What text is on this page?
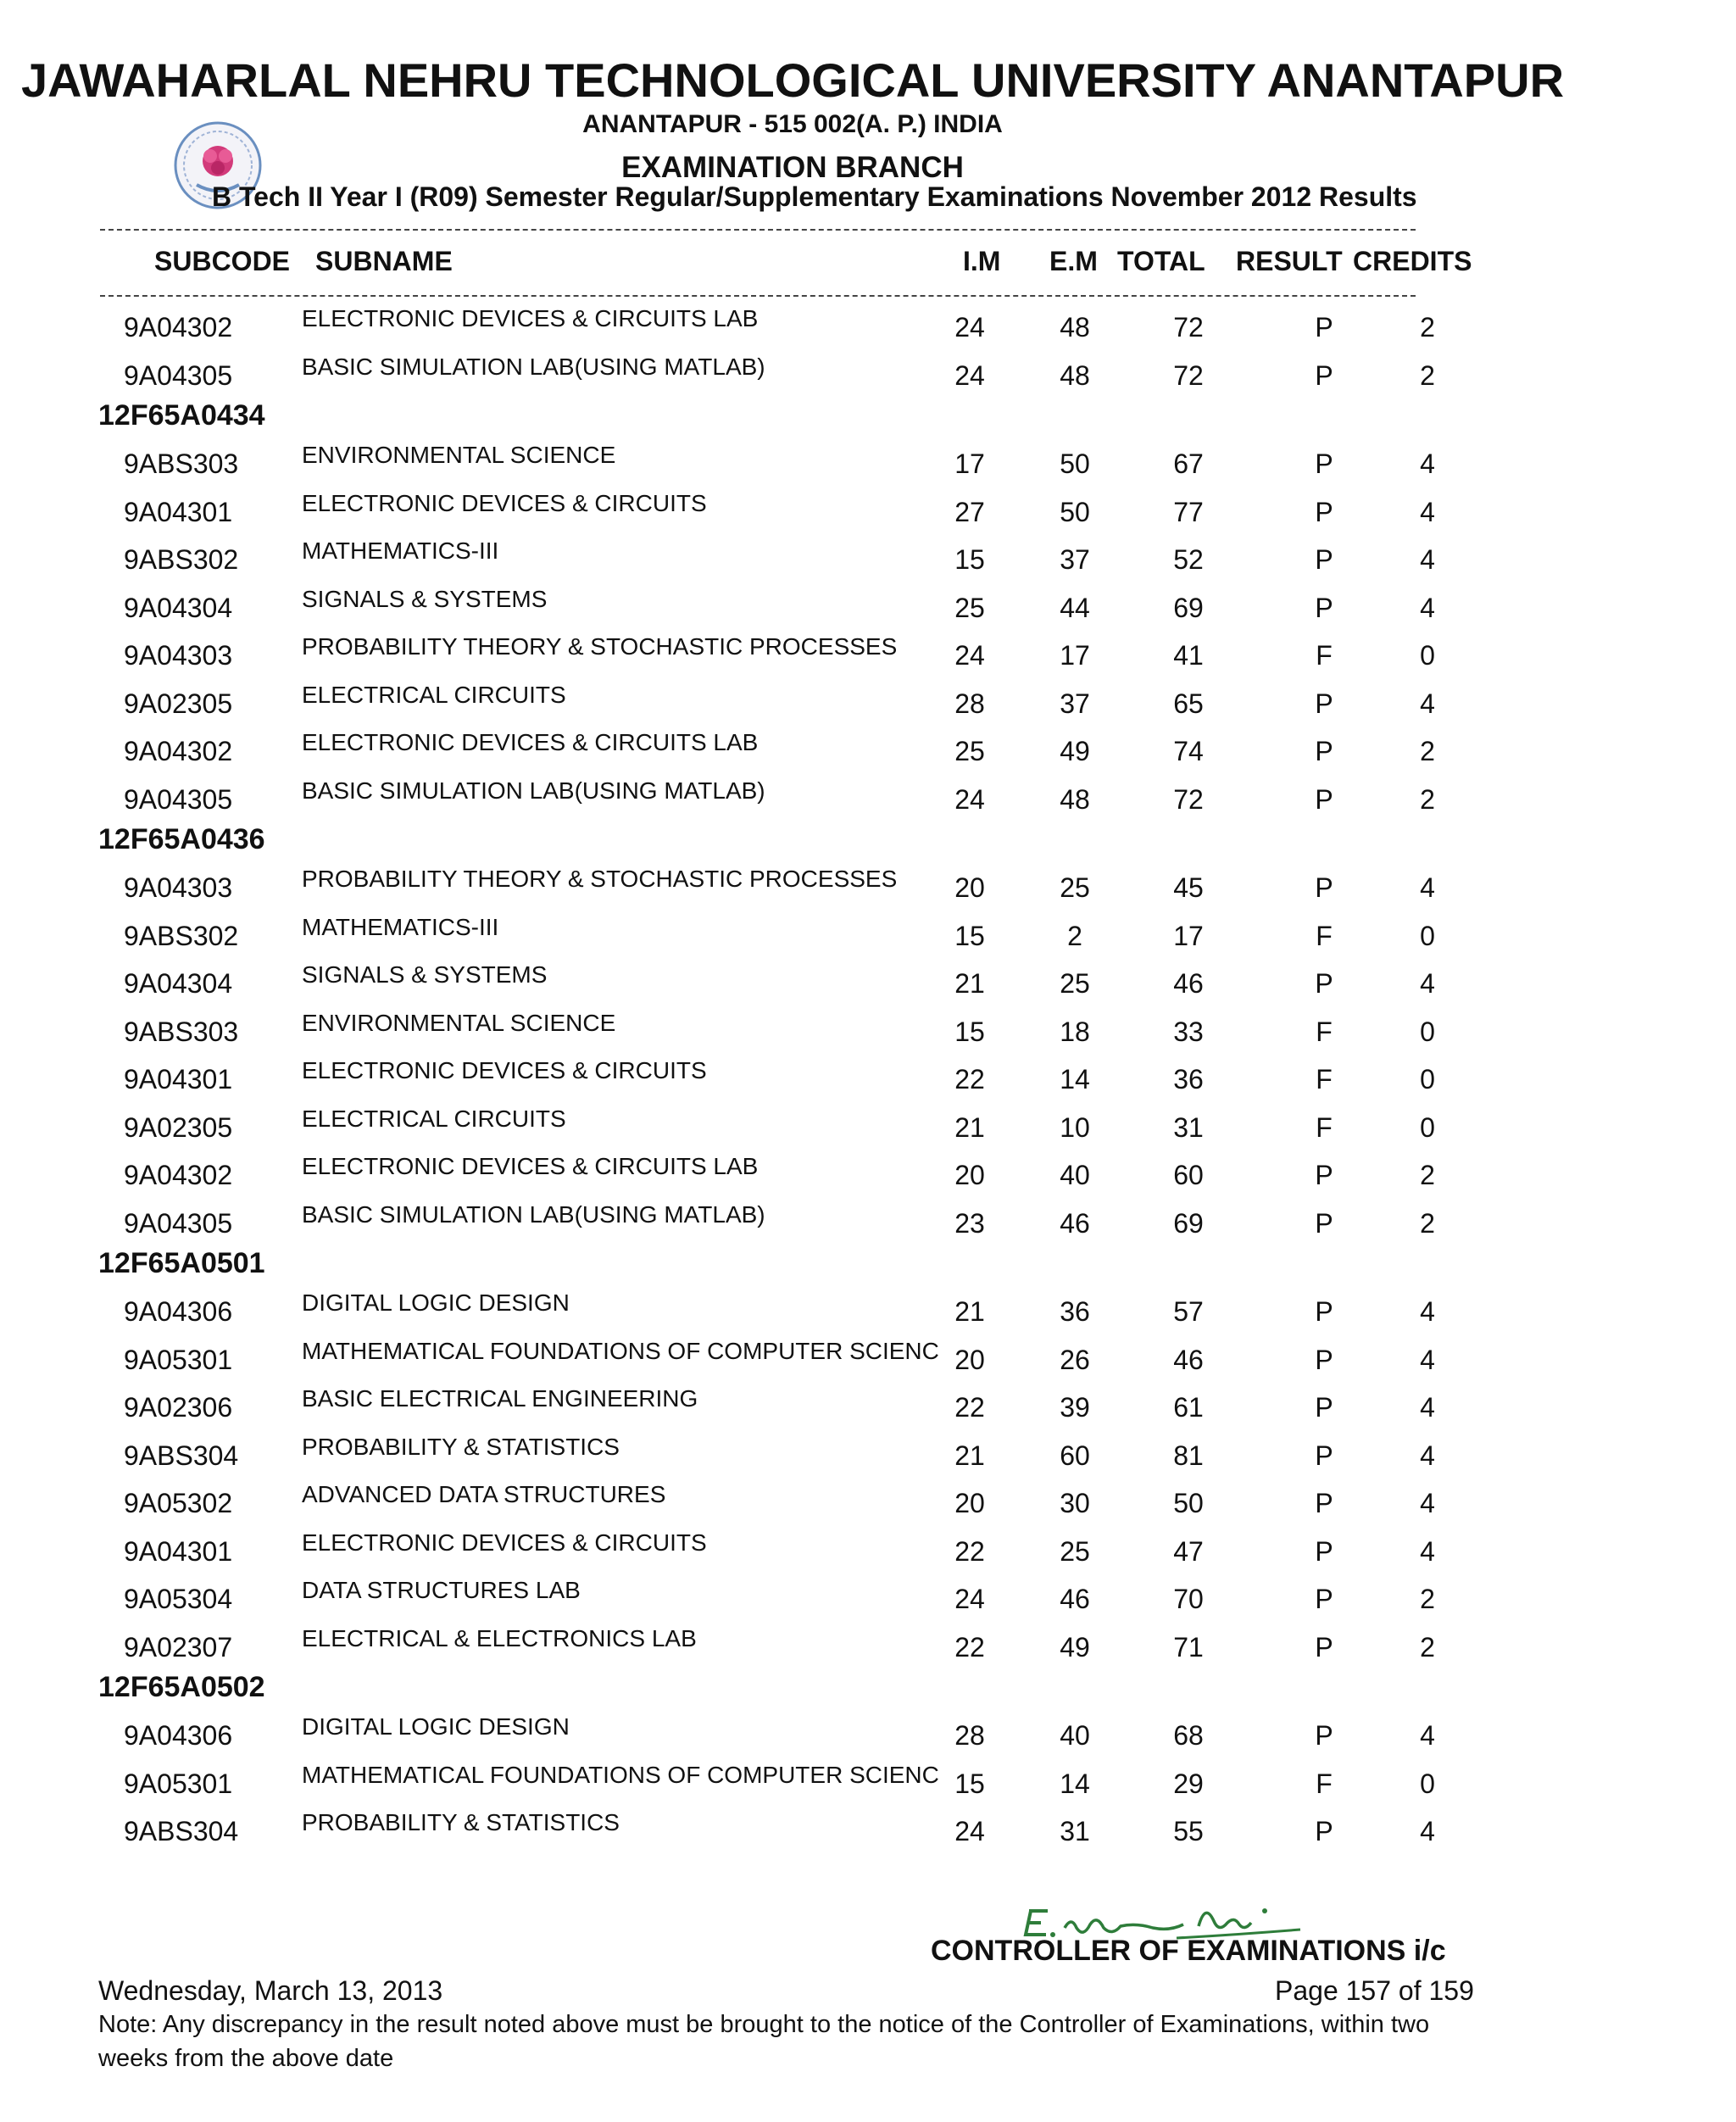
JAWAHARLAL NEHRU TECHNOLOGICAL UNIVERSITY ANANTAPUR
ANANTAPUR - 515 002(A. P.) INDIA
EXAMINATION BRANCH
B Tech II Year I (R09) Semester Regular/Supplementary Examinations November 2012 Results
SUBCODE SUBNAME	I.M E.M TOTAL RESULT CREDITS
9A04302	ELECTRONIC DEVICES & CIRCUITS LAB	24	48	72	P	2
9A04305	BASIC SIMULATION LAB(USING MATLAB)	24	48	72	P	2
12F65A0434
9ABS303	ENVIRONMENTAL SCIENCE	17	50	67	P	4
9A04301	ELECTRONIC DEVICES & CIRCUITS	27	50	77	P	4
9ABS302	MATHEMATICS-III	15	37	52	P	4
9A04304	SIGNALS & SYSTEMS	25	44	69	P	4
9A04303	PROBABILITY THEORY & STOCHASTIC PROCESSES	24	17	41	F	0
9A02305	ELECTRICAL CIRCUITS	28	37	65	P	4
9A04302	ELECTRONIC DEVICES & CIRCUITS LAB	25	49	74	P	2
9A04305	BASIC SIMULATION LAB(USING MATLAB)	24	48	72	P	2
12F65A0436
9A04303	PROBABILITY THEORY & STOCHASTIC PROCESSES	20	25	45	P	4
9ABS302	MATHEMATICS-III	15	2	17	F	0
9A04304	SIGNALS & SYSTEMS	21	25	46	P	4
9ABS303	ENVIRONMENTAL SCIENCE	15	18	33	F	0
9A04301	ELECTRONIC DEVICES & CIRCUITS	22	14	36	F	0
9A02305	ELECTRICAL CIRCUITS	21	10	31	F	0
9A04302	ELECTRONIC DEVICES & CIRCUITS LAB	20	40	60	P	2
9A04305	BASIC SIMULATION LAB(USING MATLAB)	23	46	69	P	2
12F65A0501
9A04306	DIGITAL LOGIC DESIGN	21	36	57	P	4
9A05301	MATHEMATICAL FOUNDATIONS OF COMPUTER SCIENC 20	26	46	P	4
9A02306	BASIC ELECTRICAL ENGINEERING	22	39	61	P	4
9ABS304	PROBABILITY & STATISTICS	21	60	81	P	4
9A05302	ADVANCED DATA STRUCTURES	20	30	50	P	4
9A04301	ELECTRONIC DEVICES & CIRCUITS	22	25	47	P	4
9A05304	DATA STRUCTURES LAB	24	46	70	P	2
9A02307	ELECTRICAL & ELECTRONICS LAB	22	49	71	P	2
12F65A0502
9A04306	DIGITAL LOGIC DESIGN	28	40	68	P	4
9A05301	MATHEMATICAL FOUNDATIONS OF COMPUTER SCIENC 15	14	29	F	0
9ABS304	PROBABILITY & STATISTICS	24	31	55	P	4
CONTROLLER OF EXAMINATIONS i/c
Wednesday, March 13, 2013	Page 157 of 159
Note: Any discrepancy in the result noted above must be brought to the notice of the Controller of Examinations, within two weeks from the above date
